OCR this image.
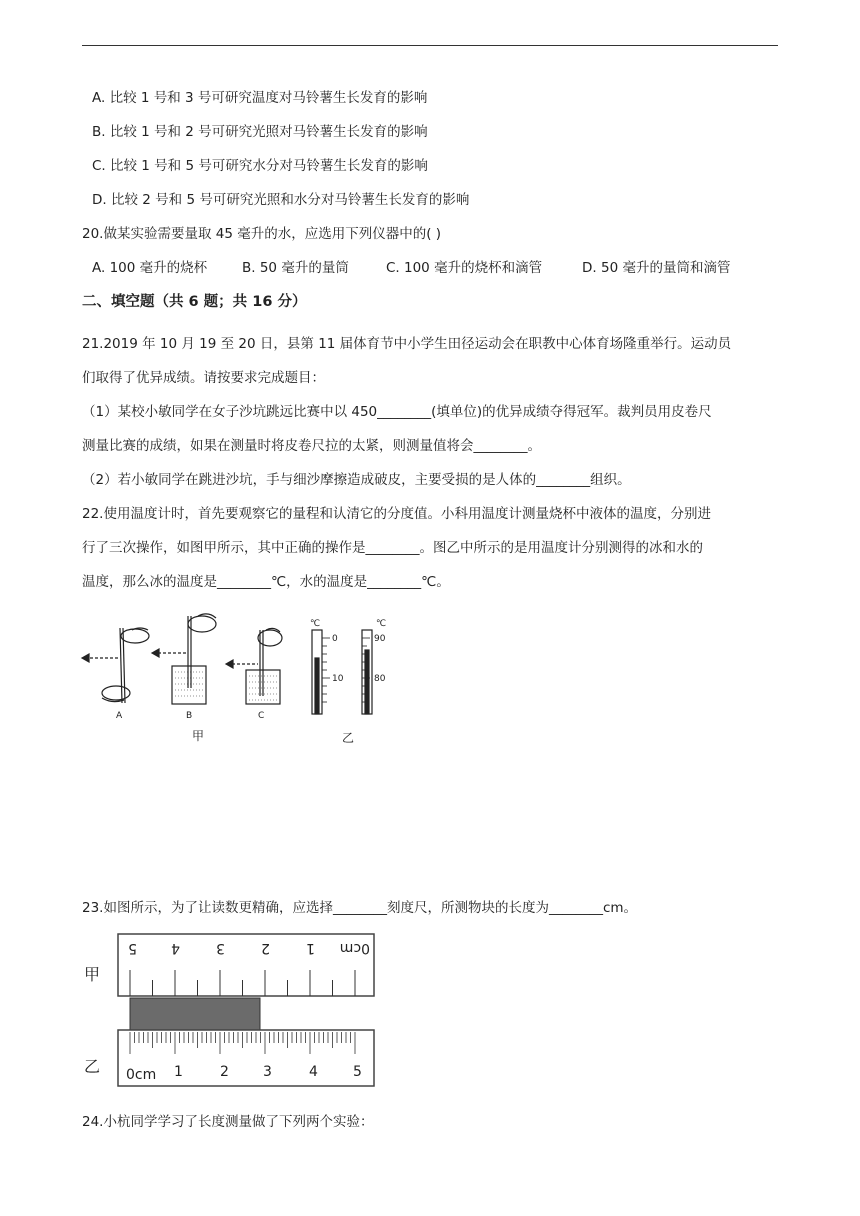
A. 比较 1 号和 3 号可研究温度对马铃薯生长发育的影响
B. 比较 1 号和 2 号可研究光照对马铃薯生长发育的影响
C. 比较 1 号和 5 号可研究水分对马铃薯生长发育的影响
D. 比较 2 号和 5 号可研究光照和水分对马铃薯生长发育的影响
20.做某实验需要量取 45 毫升的水，应选用下列仪器中的( )
A. 100 毫升的烧杯	B. 50 毫升的量筒	C. 100 毫升的烧杯和滴管	D. 50 毫升的量筒和滴管
二、填空题（共 6 题；共 16 分）
21.2019 年 10 月 19 至 20 日，县第 11 届体育节中小学生田径运动会在职教中心体育场隆重举行。运动员
们取得了优异成绩。请按要求完成题目：
（1）某校小敏同学在女子沙坑跳远比赛中以 450________(填单位)的优异成绩夺得冠军。裁判员用皮卷尺
测量比赛的成绩，如果在测量时将皮卷尺拉的太紧，则测量值将会________。
（2）若小敏同学在跳进沙坑，手与细沙摩擦造成破皮，主要受损的是人体的________组织。
22.使用温度计时，首先要观察它的量程和认清它的分度值。小科用温度计测量烧杯中液体的温度，分别进
行了三次操作，如图甲所示，其中正确的操作是________。图乙中所示的是用温度计分别测得的冰和水的
温度，那么冰的温度是________℃，水的温度是________℃。
A	B	C
℃	℃
0
10
90
80
甲	乙
23.如图所示，为了让读数更精确，应选择________刻度尺，所测物块的长度为________cm。
5 4	3	2	1 0cm
0cm 1	2 3	4	5
甲
乙
24.小杭同学学习了长度测量做了下列两个实验：
